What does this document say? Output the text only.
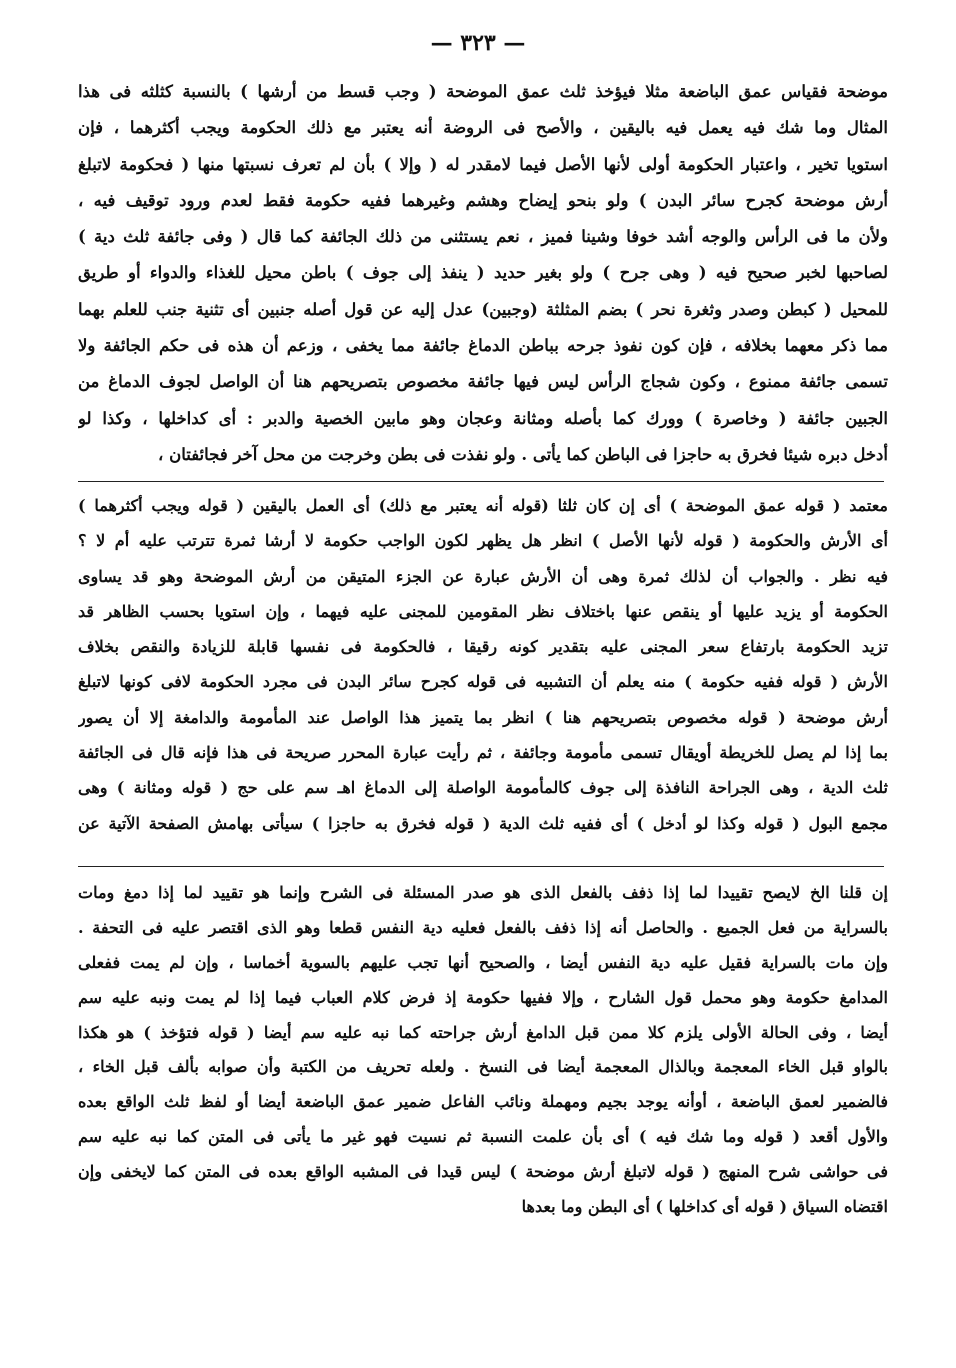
— ٣٢٣ —
موضحة فقياس عمق الباضعة مثلا فيؤخذ ثلث عمق الموضحة ( وجب قسط من أرشها ) بالنسبة كثلثه فى هذا
المثال وما شك فيه يعمل فيه باليقين ، والأصح فى الروضة أنه يعتبر مع ذلك الحكومة ويجب أكثرهما ، فإن
استويا تخير ، واعتبار الحكومة أولى لأنها الأصل فيما لامقدر له ( وإلا ) بأن لم تعرف نسبتها منها ( فحكومة لاتبلغ
أرش موضحة كجرح سائر البدن ) ولو بنحو إيضاح وهشم وغيرهما ففيه حكومة فقط لعدم ورود توقيف فيه ،
ولأن ما فى الرأس والوجه أشد خوفا وشينا فميز ، نعم يستثنى من ذلك الجائفة كما قال ( وفى جائفة ثلث دية )
لصاحبها لخبر صحيح فيه ( وهى جرح ) ولو بغير حديد ( ينفذ إلى جوف ) باطن محيل للغذاء والدواء أو طريق
للمحيل ( كبطن وصدر وثغرة نحر ) بضم المثلثة (وجبين) عدل إليه عن قول أصله جنبين أى تثنية جنب للعلم بهما
مما ذكر معهما بخلافه ، فإن كون نفوذ جرحه بباطن الدماغ جائفة مما يخفى ، وزعم أن هذه فى حكم الجائفة ولا
تسمى جائفة ممنوع ، وكون شجاج الرأس ليس فيها جائفة مخصوص بتصريحهم هنا أن الواصل لجوف الدماغ من
الجبين جائفة ( وخاصرة ) وورك كما بأصله ومثانة وعجان وهو مابين الخصية والدبر : أى كداخلها ، وكذا لو
أدخل دبره شيئا فخرق به حاجزا فى الباطن كما يأتى . ولو نفذت فى بطن وخرجت من محل آخر فجائفتان ،
معتمد ( قوله عمق الموضحة ) أى إن كان ثلثا (قوله أنه يعتبر مع ذلك) أى العمل باليقين ( قوله ويجب أكثرهما )
أى الأرش والحكومة ( قوله لأنها الأصل ) انظر هل يظهر لكون الواجب حكومة لا أرشا ثمرة تترتب عليه أم لا ؟
فيه نظر . والجواب أن لذلك ثمرة وهى أن الأرش عبارة عن الجزء المتيقن من أرش الموضحة وهو قد يساوى
الحكومة أو يزيد عليها أو ينقص عنها باختلاف نظر المقومين للمجنى عليه فيهما ، وإن استويا بحسب الظاهر قد
تزيد الحكومة بارتفاع سعر المجنى عليه بتقدير كونه رقيقا ، فالحكومة فى نفسها قابلة للزيادة والنقص بخلاف
الأرش ( قوله ففيه حكومة ) منه يعلم أن التشبيه فى قوله كجرح سائر البدن فى مجرد الحكومة لافى كونها لاتبلغ
أرش موضحة ( قوله مخصوص بتصريحهم هنا ) انظر بما يتميز هذا الواصل عند المأمومة والدامغة إلا أن يصور
بما إذا لم يصل للخريطة أويقال تسمى مأمومة وجائفة ، ثم رأيت عبارة المحرر صريحة فى هذا فإنه قال فى الجائفة
ثلث الدية ، وهى الجراحة النافذة إلى جوف كالمأمومة الواصلة إلى الدماغ اهـ سم على حج ( قوله ومثانة ) وهى
مجمع البول ( قوله وكذا لو أدخل ) أى ففيه ثلث الدية ( قوله فخرق به حاجزا ) سيأتى بهامش الصفحة الآتية عن
إن قلنا الخ لايصح تقييدا لما إذا ذفف بالفعل الذى هو صدر المسئلة فى الشرح وإنما هو تقييد لما إذا دمغ ومات
بالسراية من فعل الجميع . والحاصل أنه إذا ذفف بالفعل فعليه دية النفس قطعا وهو الذى اقتصر عليه فى التحفة .
وإن مات بالسراية فقيل عليه دية النفس أيضا ، والصحيح أنها تجب عليهم بالسوية أخماسا ، وإن لم يمت ففعلى
المدامغ حكومة وهو محمل قول الشارح ، وإلا ففيها حكومة إذ فرض كلام العباب فيما إذا لم يمت ونبه عليه سم
أيضا ، وفى الحالة الأولى يلزم كلا ممن قبل الدامغ أرش جراحته كما نبه عليه سم أيضا ( قوله فتؤخذ ) هو هكذا
بالواو قبل الخاء المعجمة وبالذال المعجمة أيضا فى النسخ . ولعله تحريف من الكتبة وأن صوابه بألف قبل الخاء ،
فالضمير لعمق الباضعة ، أوأنه يوجد بجيم ومهملة ونائب الفاعل ضمير عمق الباضعة أيضا أو لفظ ثلث الواقع بعده
والأول أقعد ( قوله وما شك فيه ) أى بأن علمت النسبة ثم نسيت فهو غير ما يأتى فى المتن كما نبه عليه سم
فى حواشى شرح المنهج ( قوله لاتبلغ أرش موضحة ) ليس قيدا فى المشبه الواقع بعده فى المتن كما لايخفى وإن
اقتضاه السياق ( قوله أى كداخلها ) أى البطن وما بعدها
